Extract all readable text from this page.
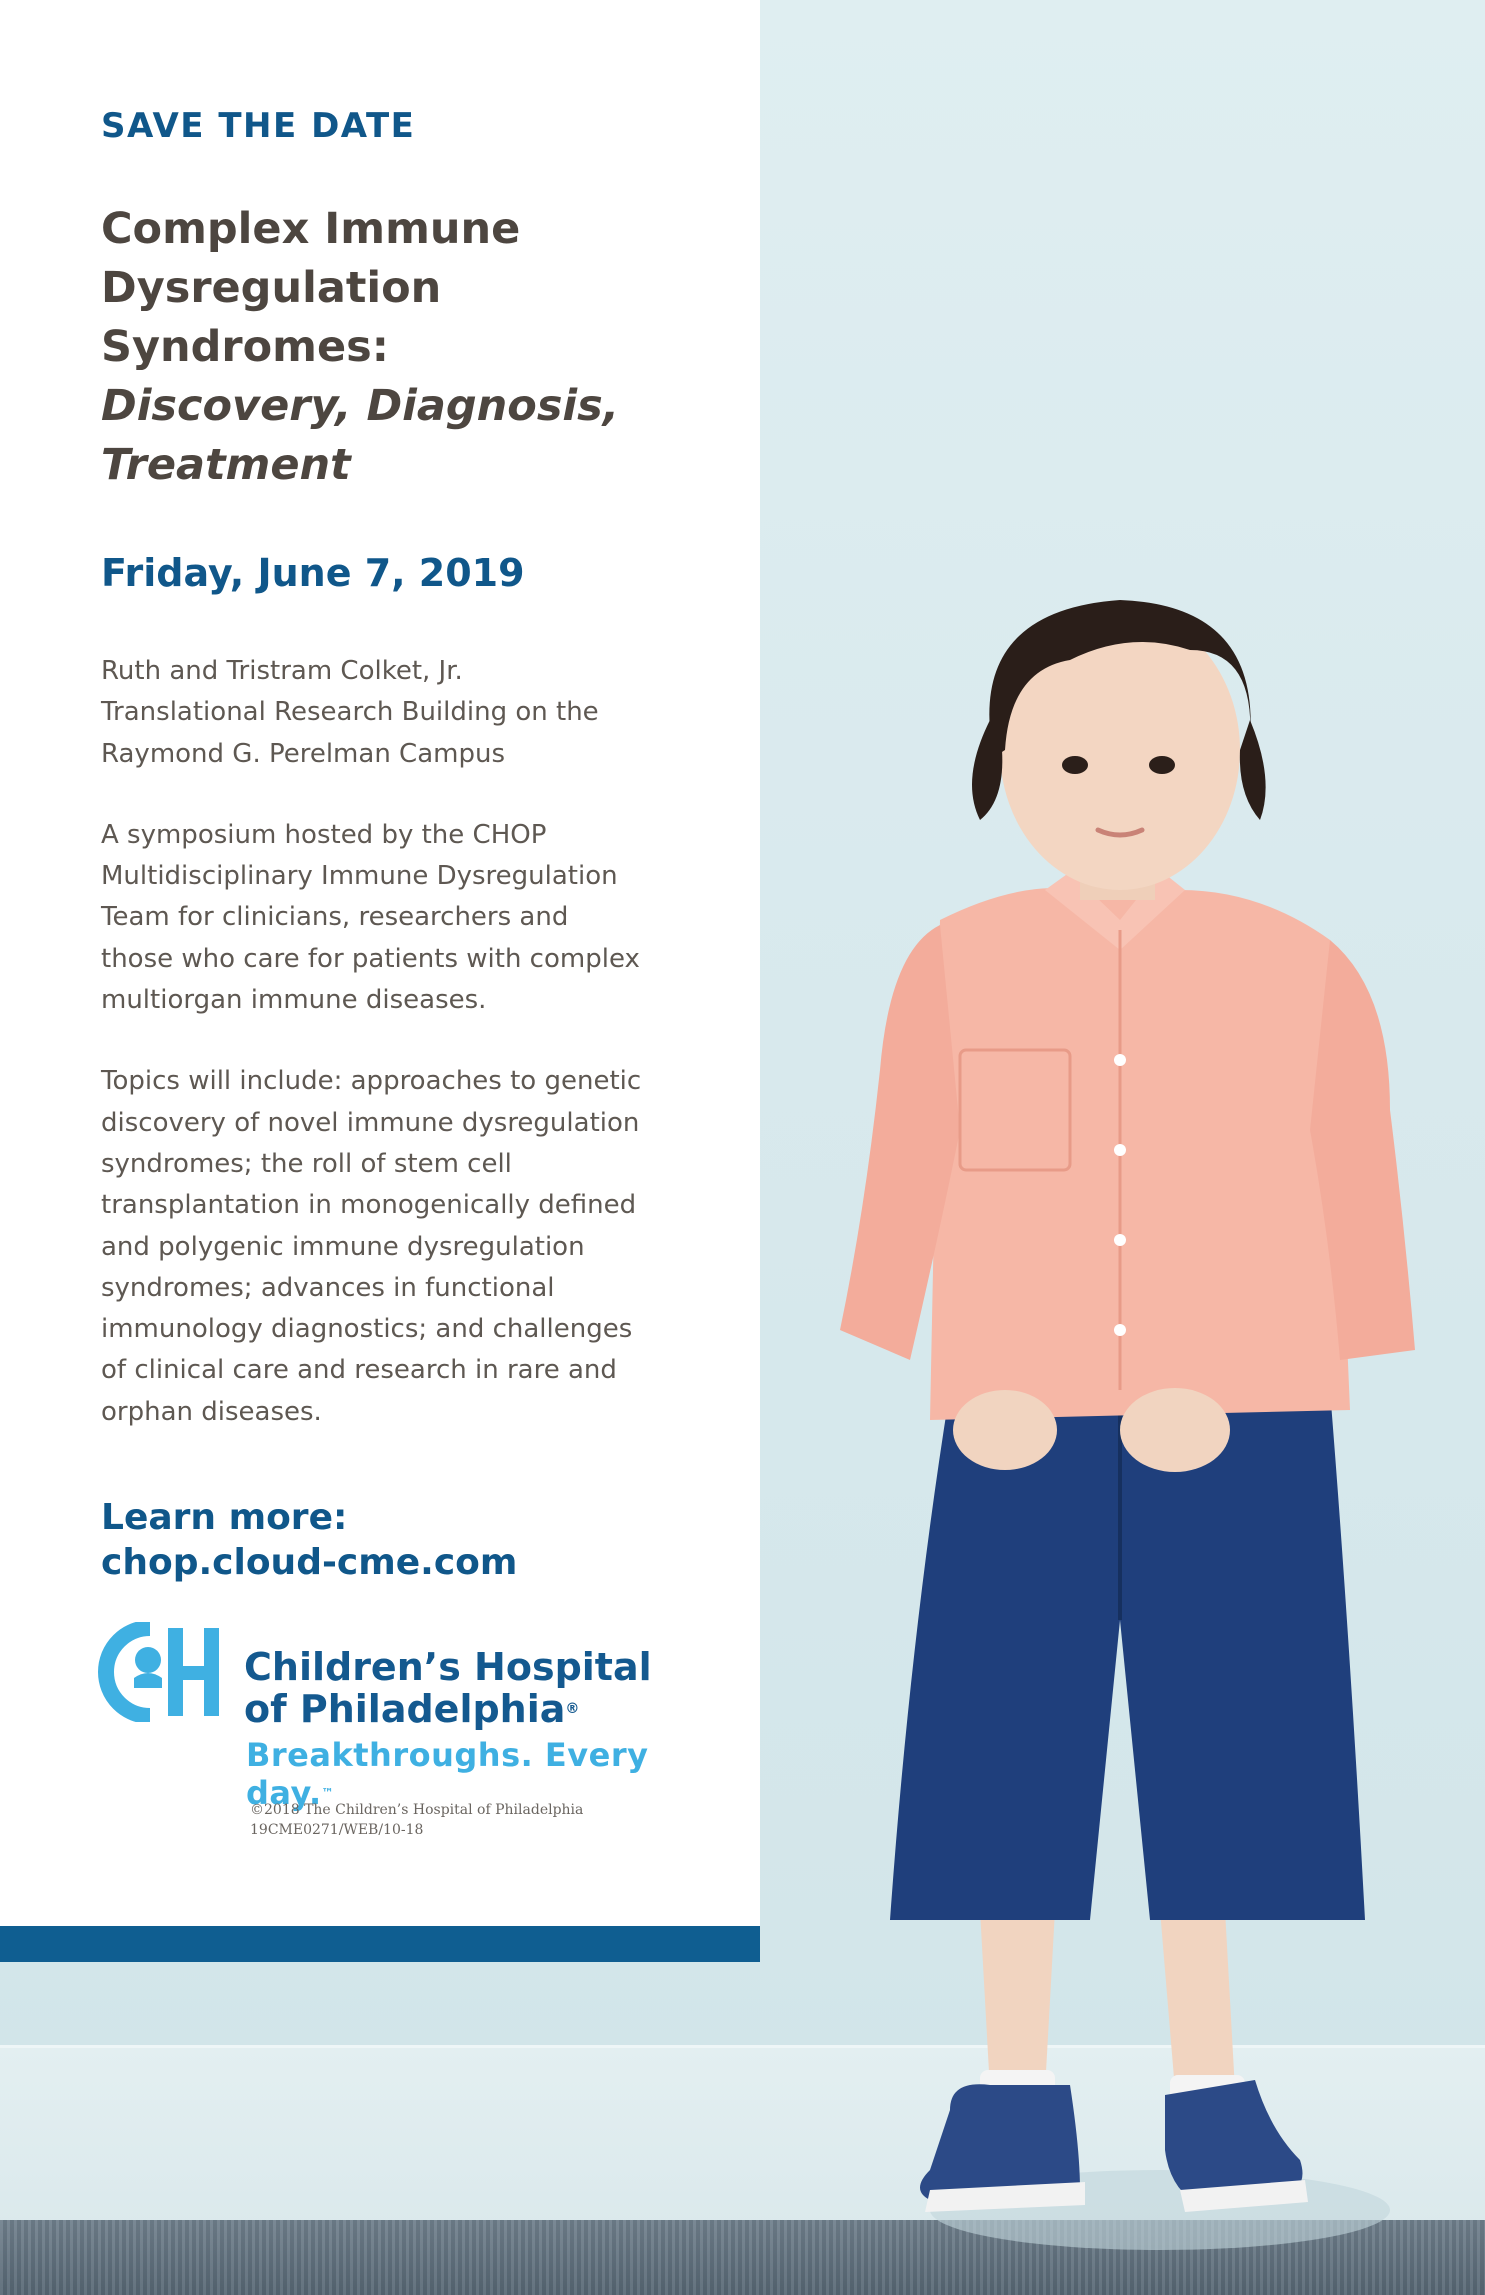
SAVE THE DATE
Complex Immune
Dysregulation Syndromes:
Discovery, Diagnosis,
Treatment

Friday, June 7, 2019

Ruth and Tristram Colket, Jr.
Translational Research Building on the
Raymond G. Perelman Campus

A symposium hosted by the CHOP
Multidisciplinary Immune Dysregulation
Team for clinicians, researchers and
those who care for patients with complex
multiorgan immune diseases.

Topics will include: approaches to genetic
discovery of novel immune dysregulation
syndromes; the roll of stem cell
transplantation in monogenically defined
and polygenic immune dysregulation
syndromes; advances in functional
immunology diagnostics; and challenges
of clinical care and research in rare and
orphan diseases.

Learn more:
chop.cloud-cme.com

Children’s Hospital
of Philadelphia®

Breakthroughs. Every day.™

©2018 The Children’s Hospital of Philadelphia
19CME0271/WEB/10-18
